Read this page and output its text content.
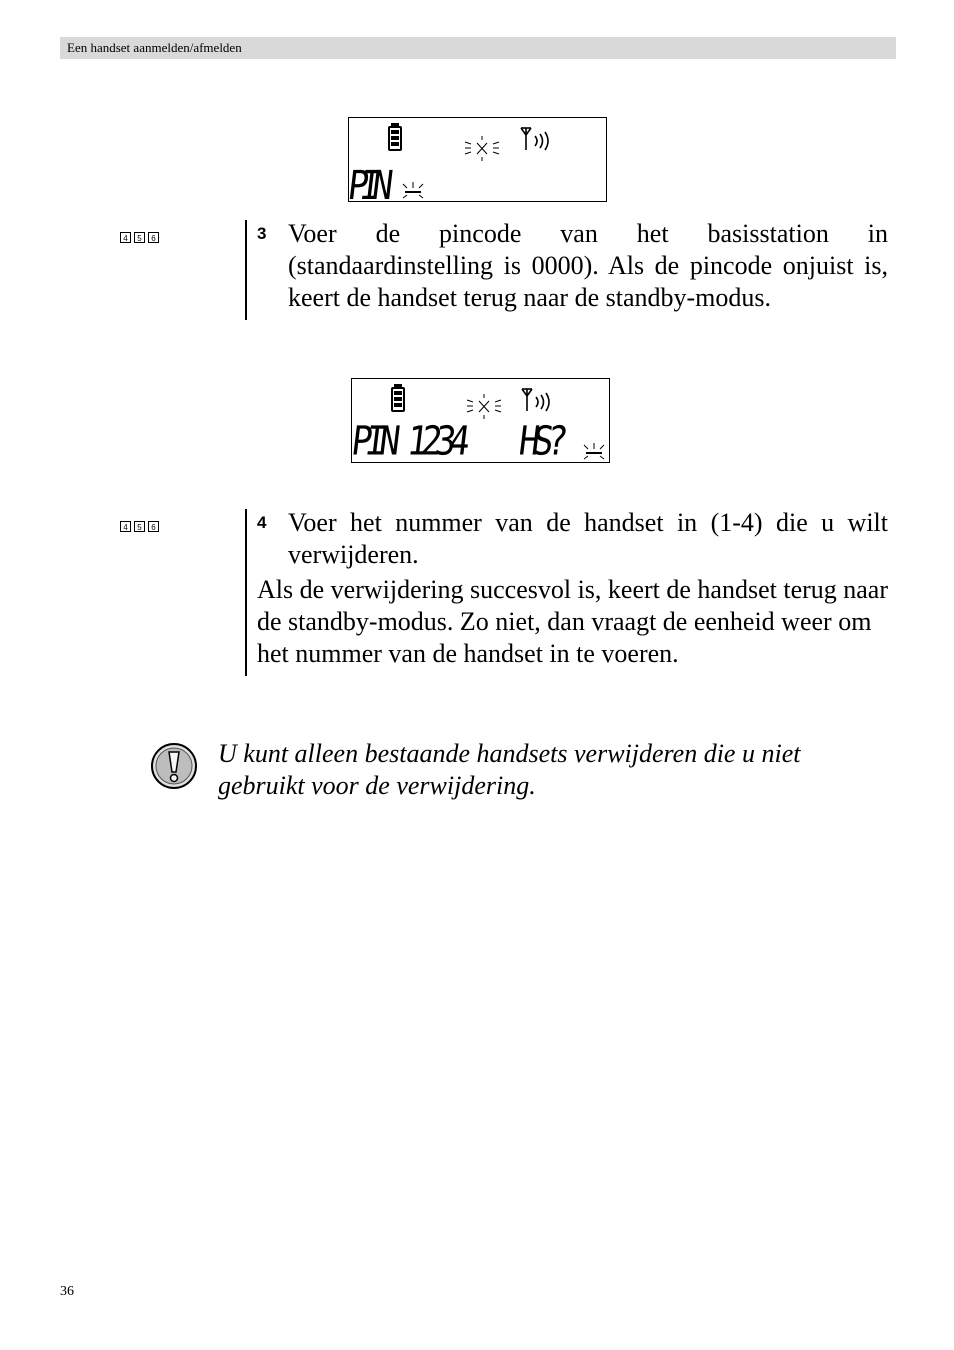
Een handset aanmelden/afmelden
PIN
4	5	6	3 Voer de pincode van het basisstation in (standaardinstelling is 0000). Als de pincode onjuist is, keert de handset terug naar de standby-modus.
PIN 1234    HS?
4	5	6	4 Voer het nummer van de handset in (1-4) die u wilt verwijderen.
Als de verwijdering succesvol is, keert de handset terug naar de standby-modus. Zo niet, dan vraagt de eenheid weer om het nummer van de handset in te voeren.
U kunt alleen bestaande handsets verwijderen die u niet gebruikt voor de verwijdering.
36
